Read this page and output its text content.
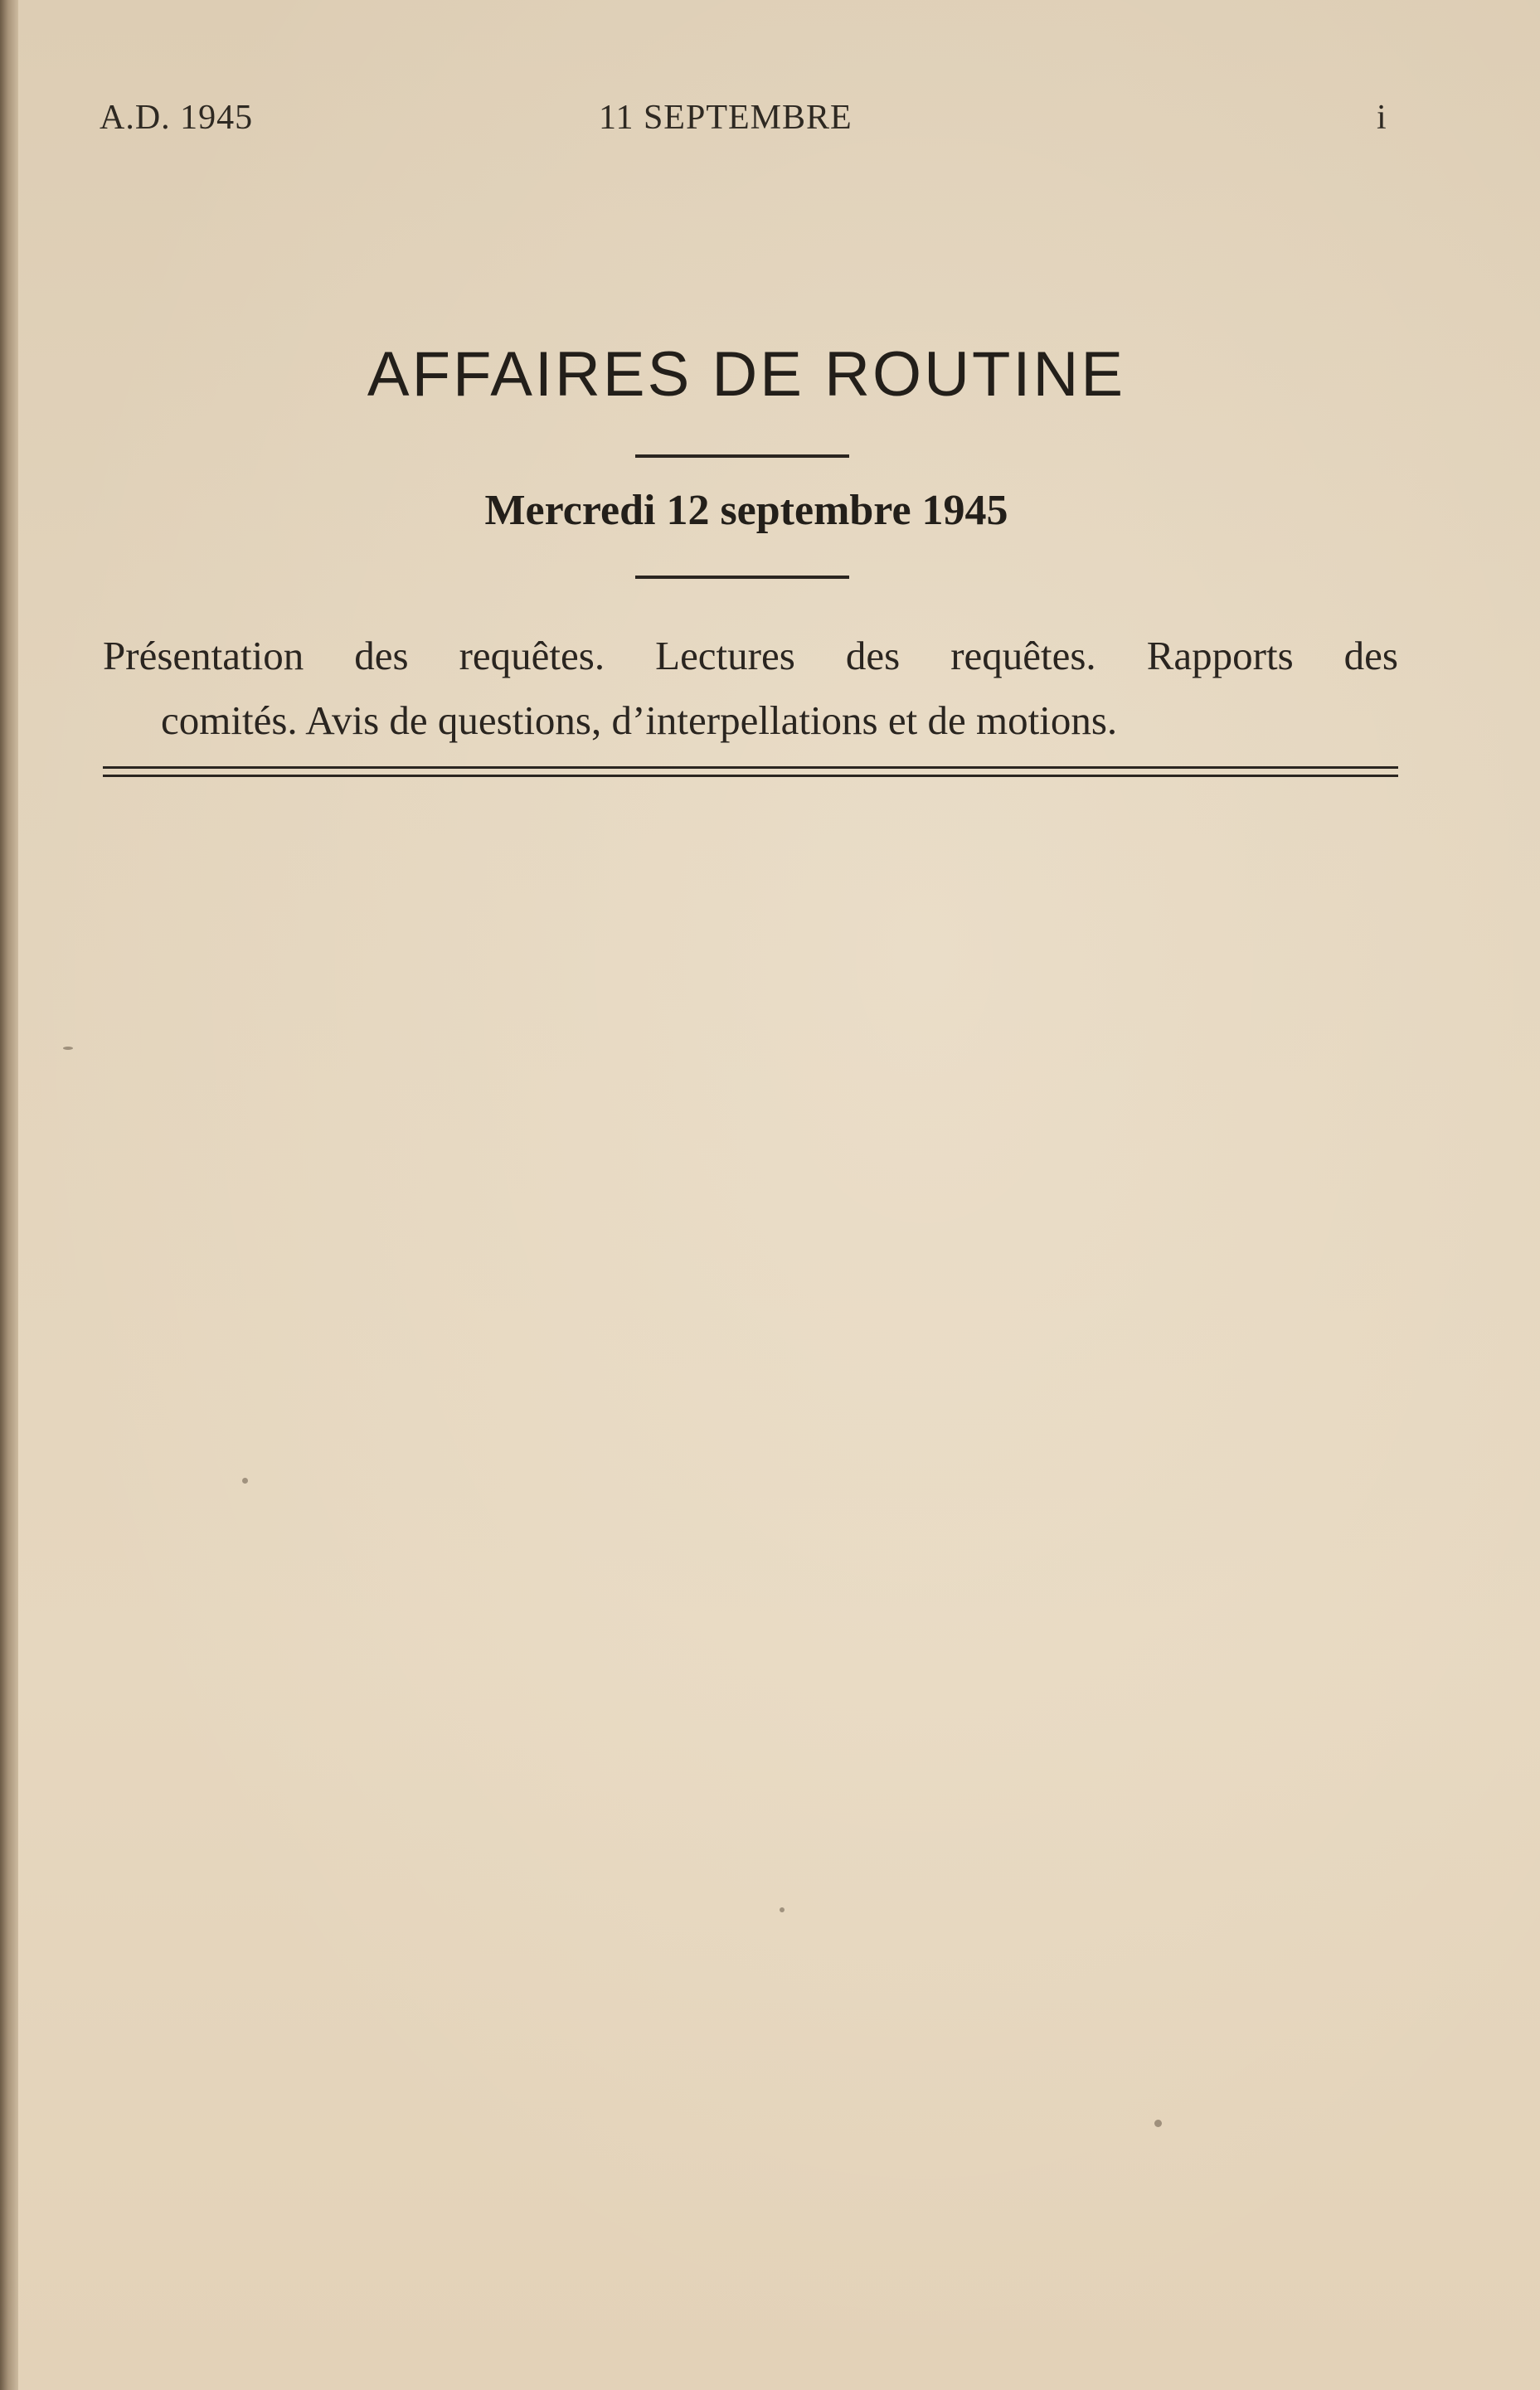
A.D. 1945	11 SEPTEMBRE	i
AFFAIRES DE ROUTINE
Mercredi 12 septembre 1945
Présentation des requêtes. Lectures des requêtes. Rapports des
comités. Avis de questions, d’interpellations et de motions.
